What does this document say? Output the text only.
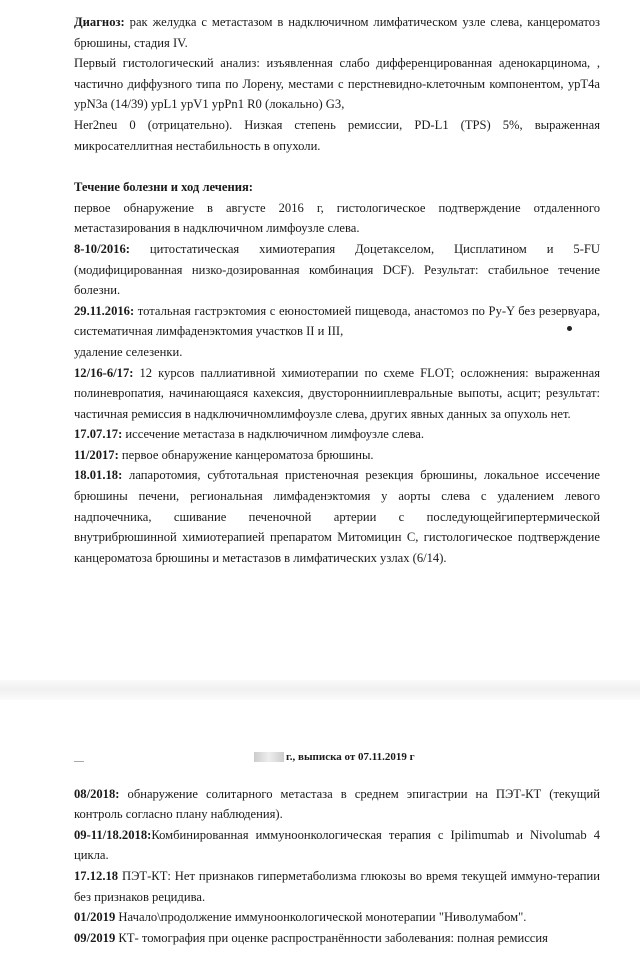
Диагноз: рак желудка с метастазом в надключичном лимфатическом узле слева, канцероматоз брюшины, стадия IV.

Первый гистологический анализ: изъявленная слабо дифференцированная аденокарцинома, , частично диффузного типа по Лорену, местами с перстневидно-клеточным компонентом, урT4a урN3a (14/39) урL1 урV1 урPn1 R0 (локально) G3,

Her2neu 0 (отрицательно). Низкая степень ремиссии, PD-L1 (TPS) 5%, выраженная микросателлитная нестабильность в опухоли.

Течение болезни и ход лечения:

первое обнаружение в августе 2016 г, гистологическое подтверждение отдаленного метастазирования в надключичном лимфоузле слева.

8-10/2016: цитостатическая химиотерапия Доцетакселом, Цисплатином и 5-FU (модифицированная низко-дозированная комбинация DCF). Результат: стабильное течение болезни.

29.11.2016: тотальная гастрэктомия с еюностомией пищевода, анастомоз по Ру-Y без резервуара, систематичная лимфаденэктомия участков II и III,

удаление селезенки.

12/16-6/17: 12 курсов паллиативной химиотерапии по схеме FLOT; осложнения: выраженная полиневропатия, начинающаяся кахексия, двустороннииплевральные выпоты, асцит; результат: частичная ремиссия в надключичномлимфоузле слева, других явных данных за опухоль нет.

17.07.17: иссечение метастаза в надключичном лимфоузле слева.

11/2017: первое обнаружение канцероматоза брюшины.

18.01.18: лапаротомия, субтотальная пристеночная резекция брюшины, локальное иссечение брюшины печени, регионaльная лимфаденэктомия у аорты слева с удалением левого надпочечника, сшивание печеночной артерии с последующейгипертермической внутрибрюшинной химиотерапией препаратом Митомицин С, гистологическое подтверждение канцероматоза брюшины и метастазов в лимфатических узлах (6/14).

г., выписка от 07.11.2019 г

08/2018: обнаружение солитарного метастаза в среднем эпигастрии на ПЭТ-КТ (текущий контроль согласно плану наблюдения).

09-11/18.2018:Комбинированная иммуноонкологическая терапия с Ipilimumab и Nivolumab 4 цикла.

17.12.18 ПЭТ-КТ: Нет признаков гиперметаболизма глюкозы во время текущей иммуно-терапии без признаков рецидива.

01/2019 Начало\продолжение иммуноонкологической монотерапии "Ниволумабом".

09/2019 КТ- томография при оценке распространённости заболевания: полная ремиссия
